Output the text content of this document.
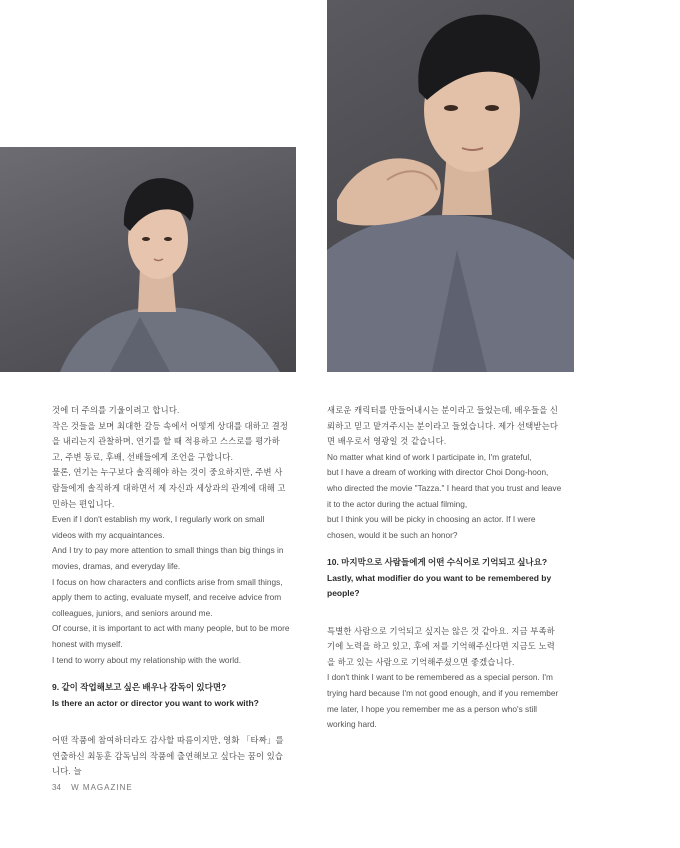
것에 더 주의를 기울이려고 합니다.

작은 것들을 보며 최대한 갈등 속에서 어떻게 상대를 대하고 결정을 내리는지 관찰하며, 연기를 할 때 적용하고 스스로를 평가하고, 주변 동료, 후배, 선배들에게 조언을 구합니다.

물론, 연기는 누구보다 솔직해야 하는 것이 중요하지만, 주변 사람들에게 솔직하게 대하면서 제 자신과 세상과의 관계에 대해 고민하는 편입니다.

Even if I don't establish my work, I regularly work on small videos with my acquaintances.

And I try to pay more attention to small things than big things in movies, dramas, and everyday life.

I focus on how characters and conflicts arise from small things, apply them to acting, evaluate myself, and receive advice from colleagues, juniors, and seniors around me.

Of course, it is important to act with many people, but to be more honest with myself.

I tend to worry about my relationship with the world.

9. 같이 작업해보고 싶은 배우나 감독이 있다면?

Is there an actor or director you want to work with?

어떤 작품에 참여하더라도 감사할 따름이지만, 영화 「타짜」를 연출하신 최동훈 감독님의 작품에 출연해보고 싶다는 꿈이 있습니다. 늘

새로운 캐릭터를 만들어내시는 분이라고 들었는데, 배우들을 신뢰하고 믿고 맡겨주시는 분이라고 들었습니다. 제가 선택받는다면 배우로서 영광일 것 같습니다.

No matter what kind of work I participate in, I'm grateful,

but I have a dream of working with director Choi Dong-hoon, who directed the movie "Tazza." I heard that you trust and leave it to the actor during the actual filming,

but I think you will be picky in choosing an actor. If I were chosen, would it be such an honor?

10. 마지막으로 사람들에게 어떤 수식어로 기억되고 싶나요?

Lastly, what modifier do you want to be remembered by people?

특별한 사람으로 기억되고 싶지는 않은 것 같아요. 지금 부족하기에 노력을 하고 있고, 후에 저를 기억해주신다면 지금도 노력을 하고 있는 사람으로 기억해주셨으면 좋겠습니다.

I don't think I want to be remembered as a special person. I'm trying hard because I'm not good enough, and if you remember me later, I hope you remember me as a person who's still working hard.

34 W MAGAZINE
